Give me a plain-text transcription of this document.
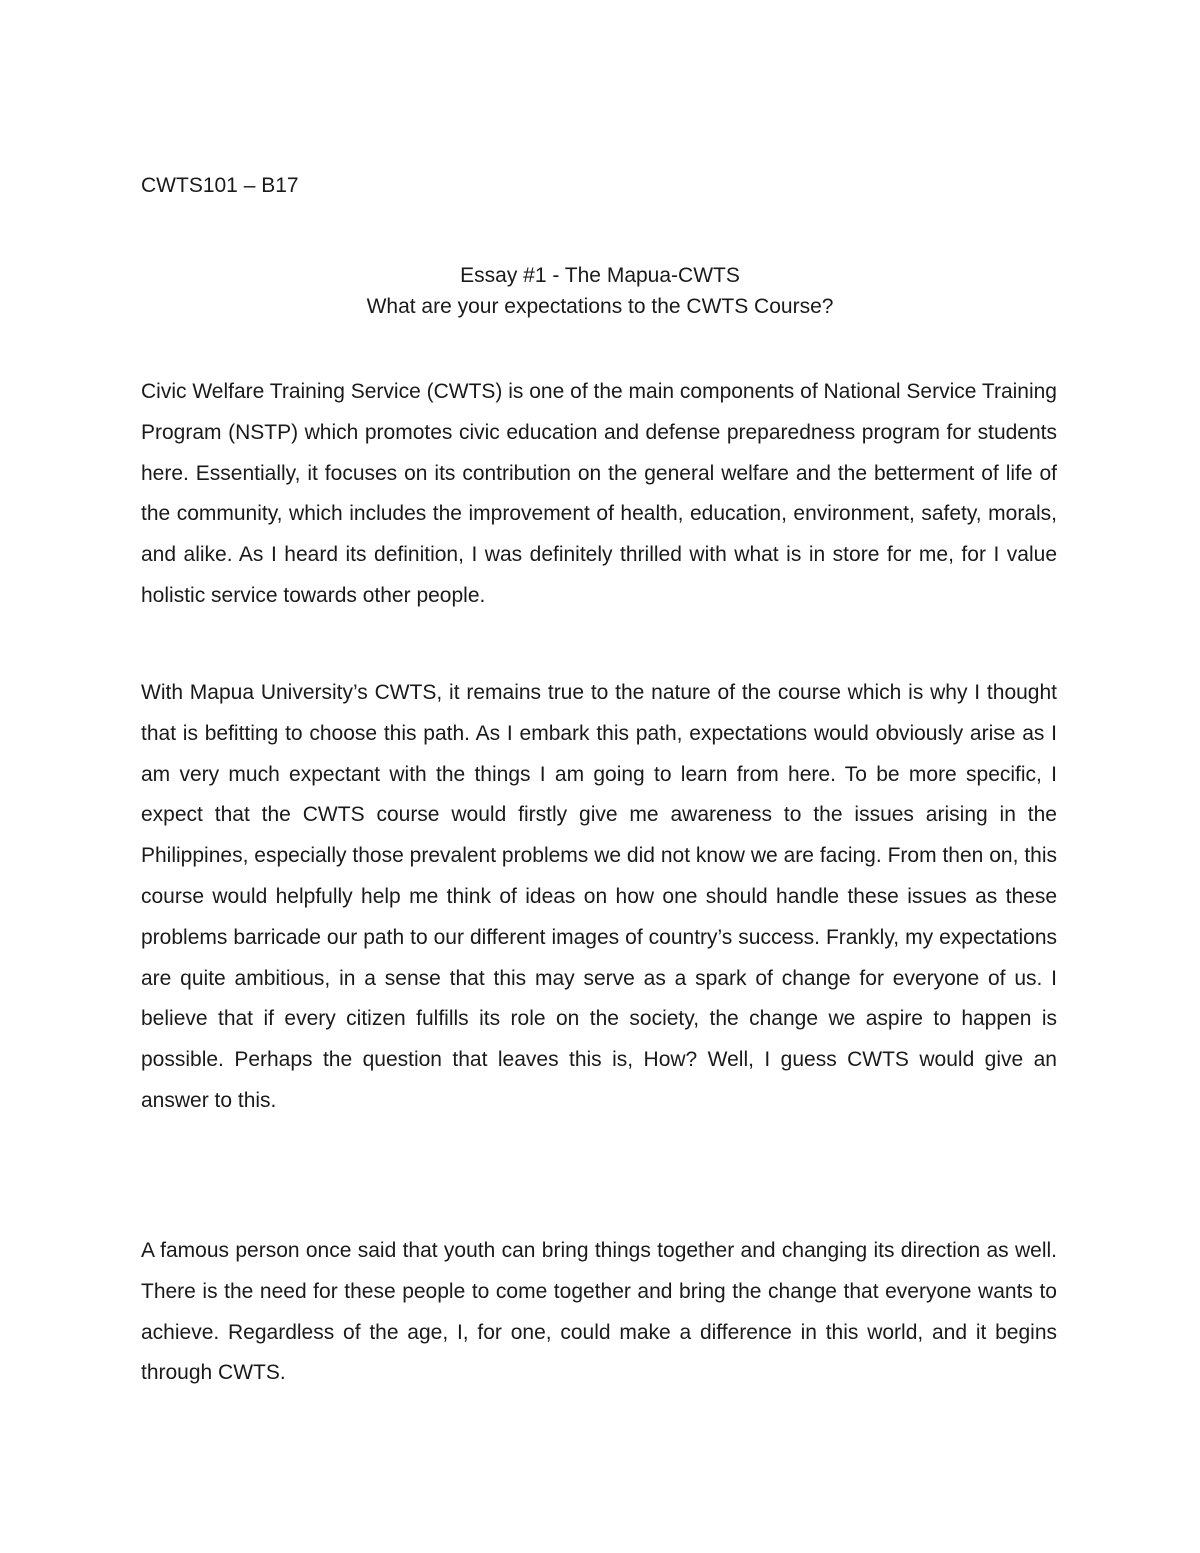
CWTS101 – B17

Essay #1 - The Mapua-CWTS
What are your expectations to the CWTS Course?

Civic Welfare Training Service (CWTS) is one of the main components of National Service Training Program (NSTP) which promotes civic education and defense preparedness program for students here. Essentially, it focuses on its contribution on the general welfare and the betterment of life of the community, which includes the improvement of health, education, environment, safety, morals, and alike. As I heard its definition, I was definitely thrilled with what is in store for me, for I value holistic service towards other people.

With Mapua University’s CWTS, it remains true to the nature of the course which is why I thought that is befitting to choose this path. As I embark this path, expectations would obviously arise as I am very much expectant with the things I am going to learn from here. To be more specific, I expect that the CWTS course would firstly give me awareness to the issues arising in the Philippines, especially those prevalent problems we did not know we are facing. From then on, this course would helpfully help me think of ideas on how one should handle these issues as these problems barricade our path to our different images of country’s success. Frankly, my expectations are quite ambitious, in a sense that this may serve as a spark of change for everyone of us. I believe that if every citizen fulfills its role on the society, the change we aspire to happen is possible. Perhaps the question that leaves this is, How? Well, I guess CWTS would give an answer to this.

A famous person once said that youth can bring things together and changing its direction as well. There is the need for these people to come together and bring the change that everyone wants to achieve. Regardless of the age, I, for one, could make a difference in this world, and it begins through CWTS.
